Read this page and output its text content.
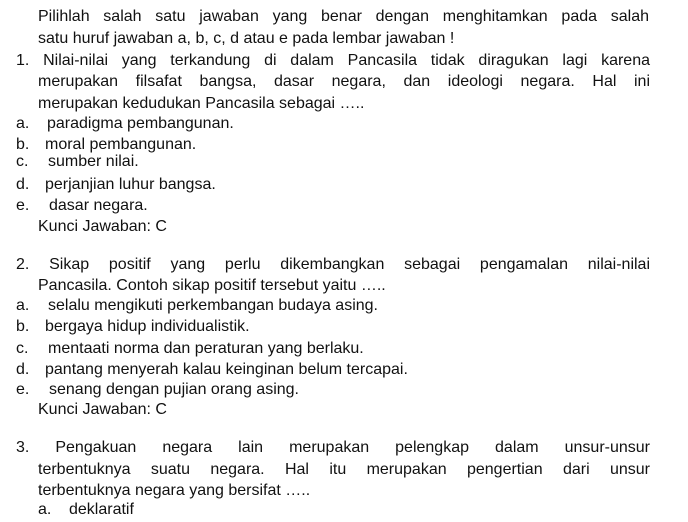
Pilihlah salah satu jawaban yang benar dengan menghitamkan pada salah
satu huruf jawaban a, b, c, d atau e pada lembar jawaban !
1. Nilai-nilai yang terkandung di dalam Pancasila tidak diragukan lagi karena
merupakan filsafat bangsa, dasar negara, dan ideologi negara. Hal ini
merupakan kedudukan Pancasila sebagai …..
a. paradigma pembangunan.
b. moral pembangunan.
c. sumber nilai.
d. perjanjian luhur bangsa.
e. dasar negara.
Kunci Jawaban: C
2. Sikap positif yang perlu dikembangkan sebagai pengamalan nilai-nilai
Pancasila. Contoh sikap positif tersebut yaitu …..
a. selalu mengikuti perkembangan budaya asing.
b. bergaya hidup individualistik.
c. mentaati norma dan peraturan yang berlaku.
d. pantang menyerah kalau keinginan belum tercapai.
e. senang dengan pujian orang asing.
Kunci Jawaban: C
3. Pengakuan negara lain merupakan pelengkap dalam unsur-unsur
terbentuknya suatu negara. Hal itu merupakan pengertian dari unsur
terbentuknya negara yang bersifat …..
a. deklaratif
